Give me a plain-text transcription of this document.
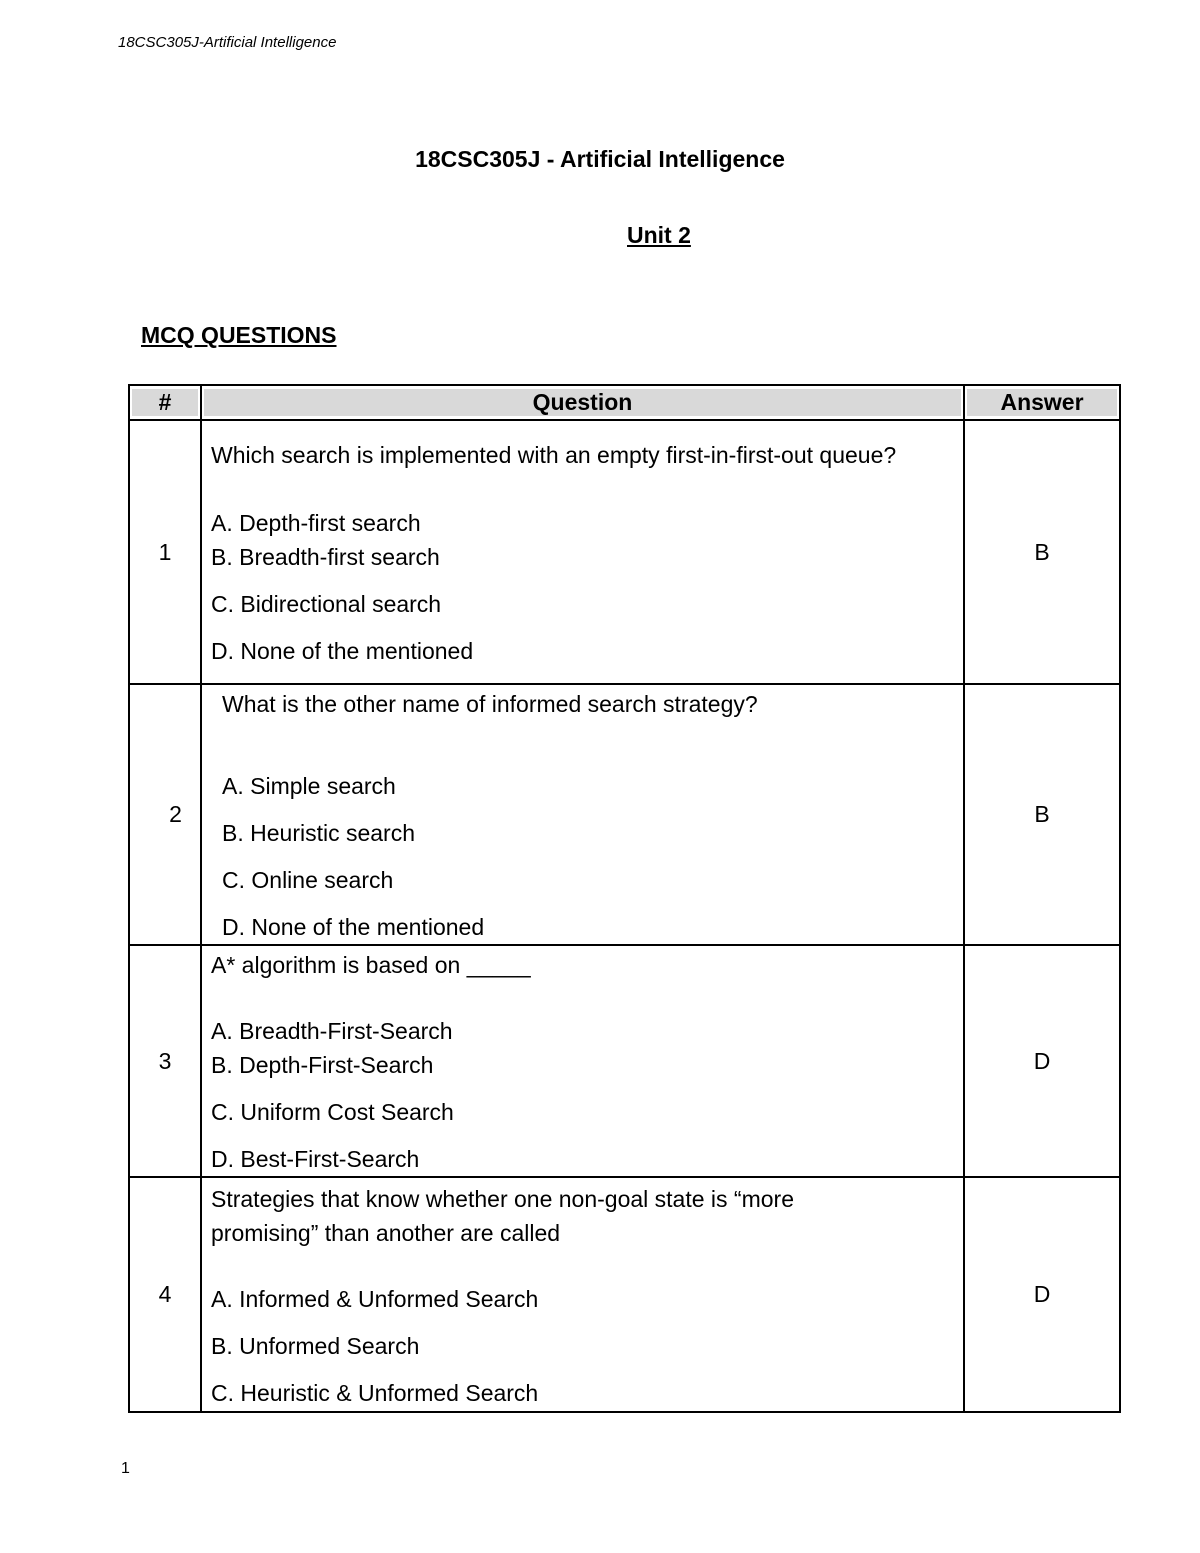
18CSC305J-Artificial Intelligence
18CSC305J - Artificial Intelligence
Unit 2
MCQ QUESTIONS
#	Question	Answer

1	Which search is implemented with an empty first-in-first-out queue?
A. Depth-first search
B. Breadth-first search
C. Bidirectional search
D. None of the mentioned	B
2	What is the other name of informed search strategy?
A. Simple search
B. Heuristic search
C. Online search
D. None of the mentioned	B
3	A* algorithm is based on _____
A. Breadth-First-Search
B. Depth-First-Search
C. Uniform Cost Search
D. Best-First-Search	D
4	Strategies that know whether one non-goal state is “more promising” than another are called
A. Informed & Unformed Search
B. Unformed Search
C. Heuristic & Unformed Search	D
1
